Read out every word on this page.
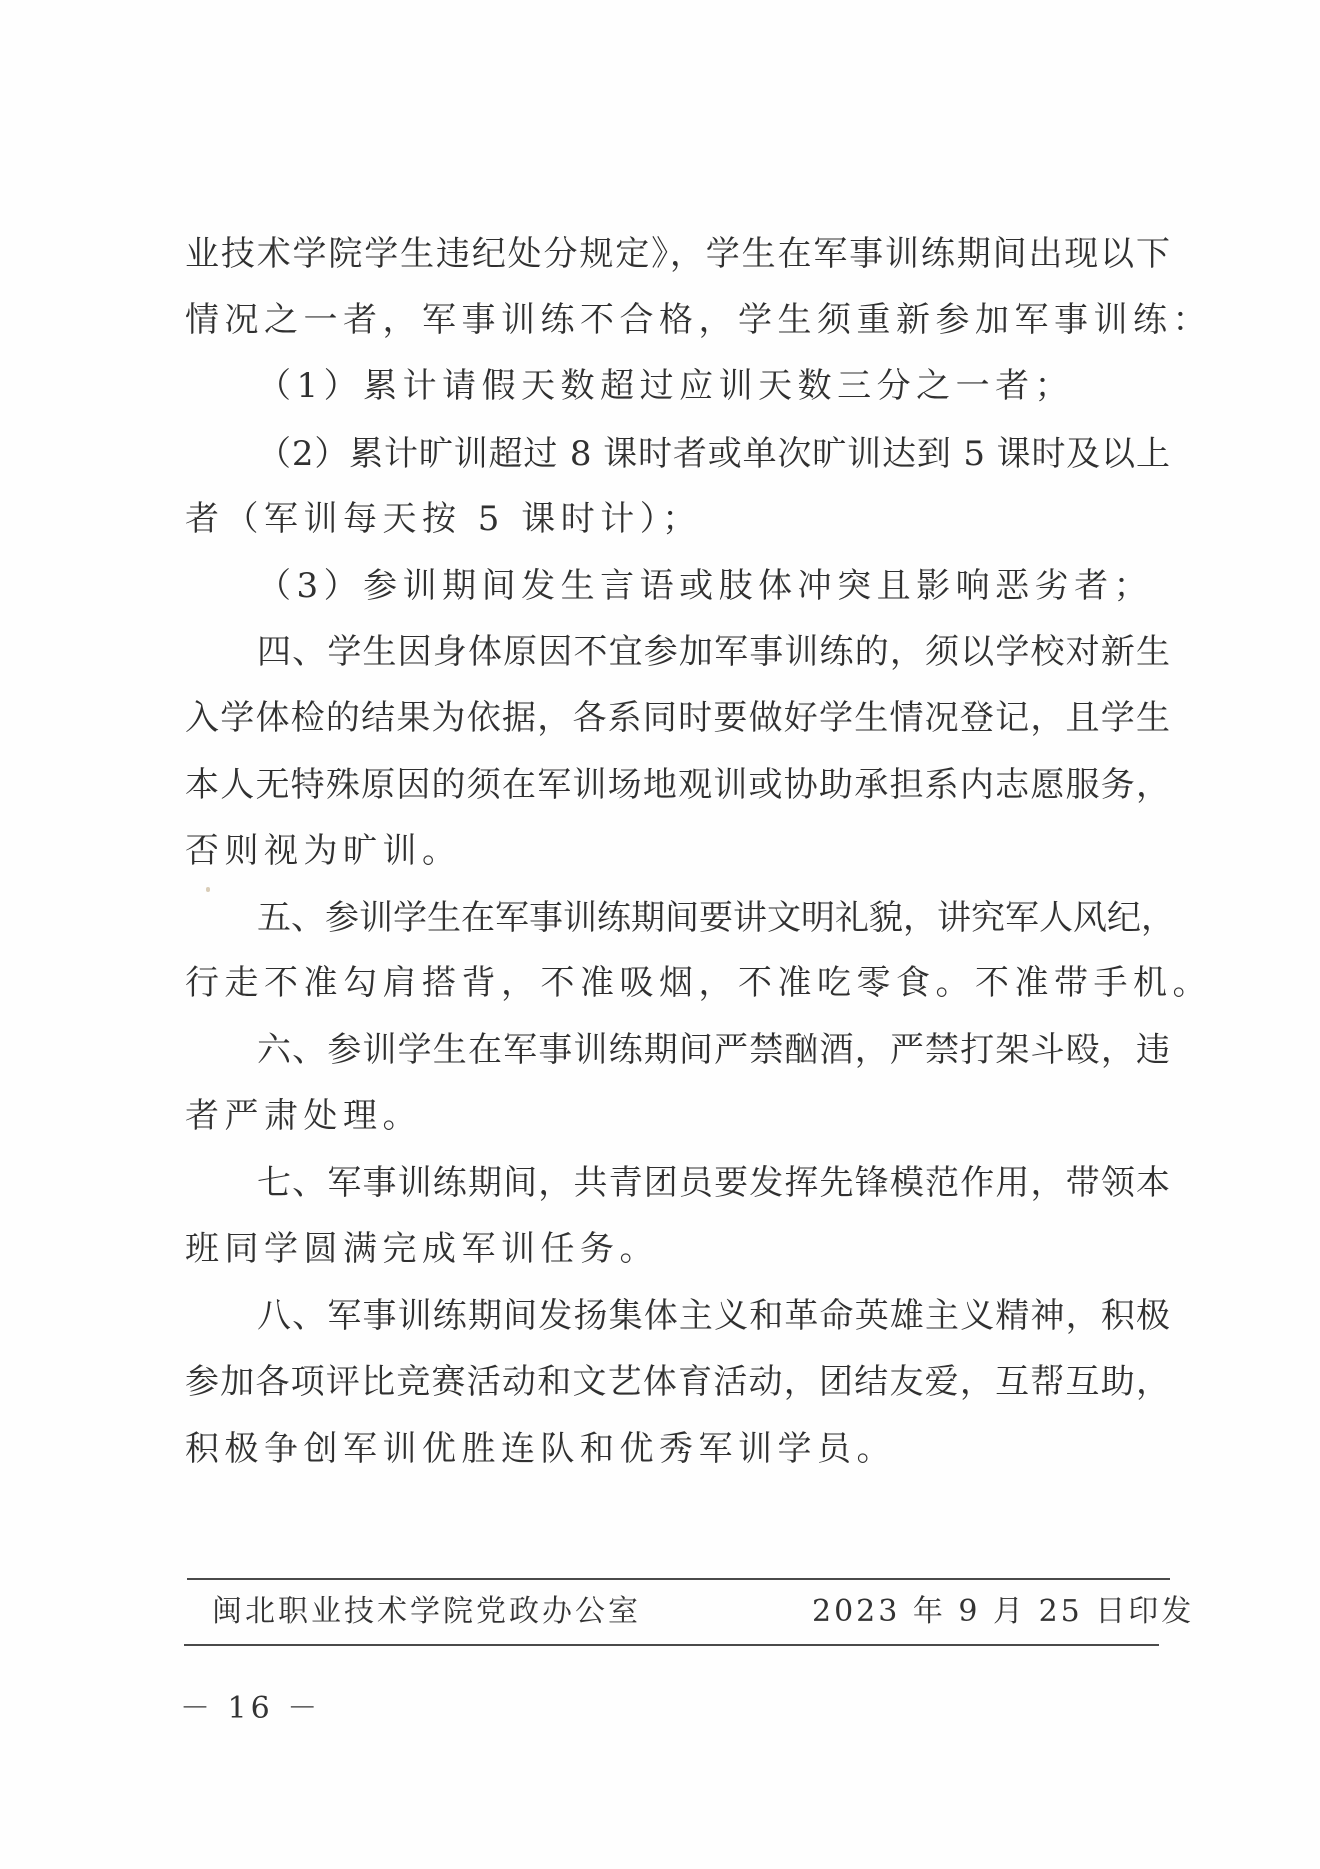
业技术学院学生违纪处分规定》，学生在军事训练期间出现以下
情况之一者，军事训练不合格，学生须重新参加军事训练：
（1）累计请假天数超过应训天数三分之一者；
（2）累计旷训超过 8 课时者或单次旷训达到 5 课时及以上
者（军训每天按 5 课时计）；
（3）参训期间发生言语或肢体冲突且影响恶劣者；
四、学生因身体原因不宜参加军事训练的，须以学校对新生
入学体检的结果为依据，各系同时要做好学生情况登记，且学生
本人无特殊原因的须在军训场地观训或协助承担系内志愿服务，
否则视为旷训。
五、参训学生在军事训练期间要讲文明礼貌，讲究军人风纪，
行走不准勾肩搭背，不准吸烟，不准吃零食。不准带手机。
六、参训学生在军事训练期间严禁酗酒，严禁打架斗殴，违
者严肃处理。
七、军事训练期间，共青团员要发挥先锋模范作用，带领本
班同学圆满完成军训任务。
八、军事训练期间发扬集体主义和革命英雄主义精神，积极
参加各项评比竞赛活动和文艺体育活动，团结友爱，互帮互助，
积极争创军训优胜连队和优秀军训学员。
闽北职业技术学院党政办公室	2023 年 9 月 25 日印发
－ 16 －
